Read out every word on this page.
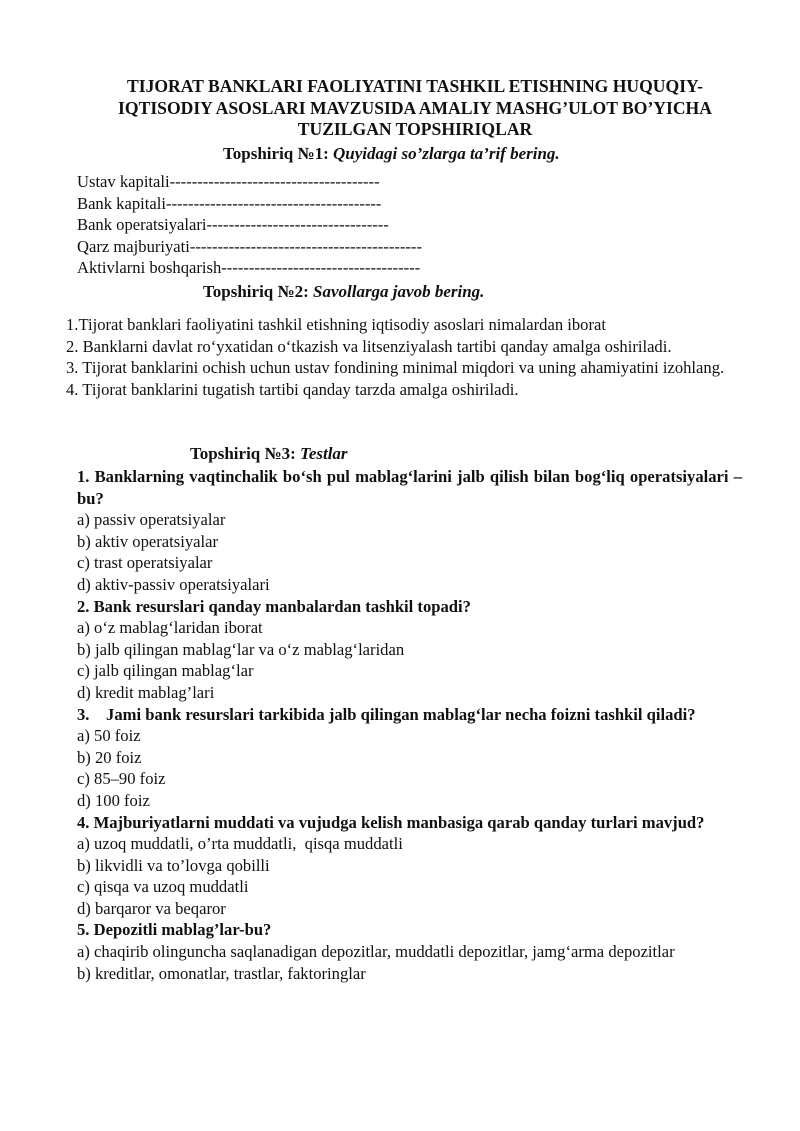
TIJORAT BANKLARI FAOLIYATINI TASHKIL ETISHNING HUQUQIY-
IQTISODIY ASOSLARI MAVZUSIDA AMALIY MASHG’ULOT BO’YICHA
TUZILGAN TOPSHIRIQLAR
Topshiriq №1: Quyidagi so’zlarga ta’rif bering.
Ustav kapitali--------------------------------------
Bank kapitali---------------------------------------
Bank operatsiyalari---------------------------------
Qarz majburiyati------------------------------------------
Aktivlarni boshqarish------------------------------------
Topshiriq №2: Savollarga javob bering.
1.Tijorat banklari faoliyatini tashkil etishning iqtisodiy asoslari nimalardan iborat
2. Banklarni davlat ro‘yxatidan o‘tkazish va litsenziyalash tartibi qanday amalga oshiriladi.
3. Tijorat banklarini ochish uchun ustav fondining minimal miqdori va uning ahamiyatini izohlang.
4. Tijorat banklarini tugatish tartibi qanday tarzda amalga oshiriladi.
Topshiriq №3: Testlar
1. Banklarning vaqtinchalik bo‘sh pul mablag‘larini jalb qilish bilan bog‘liq operatsiyalari – bu?
a) passiv operatsiyalar
b) aktiv operatsiyalar
c) trast operatsiyalar
d) aktiv-passiv operatsiyalari
2. Bank resurslari qanday manbalardan tashkil topadi?
a) o‘z mablag‘laridan iborat
b) jalb qilingan mablag‘lar va o‘z mablag‘laridan
c) jalb qilingan mablag‘lar
d) kredit mablag’lari
3.    Jami bank resurslari tarkibida jalb qilingan mablag‘lar necha foizni tashkil qiladi?
a) 50 foiz
b) 20 foiz
c) 85–90 foiz
d) 100 foiz
4. Majburiyatlarni muddati va vujudga kelish manbasiga qarab qanday turlari mavjud?
a) uzoq muddatli, o’rta muddatli,  qisqa muddatli
b) likvidli va to’lovga qobilli
c) qisqa va uzoq muddatli
d) barqaror va beqaror
5. Depozitli mablag’lar-bu?
a) chaqirib olinguncha saqlanadigan depozitlar, muddatli depozitlar, jamg‘arma depozitlar
b) kreditlar, omonatlar, trastlar, faktoringlar
